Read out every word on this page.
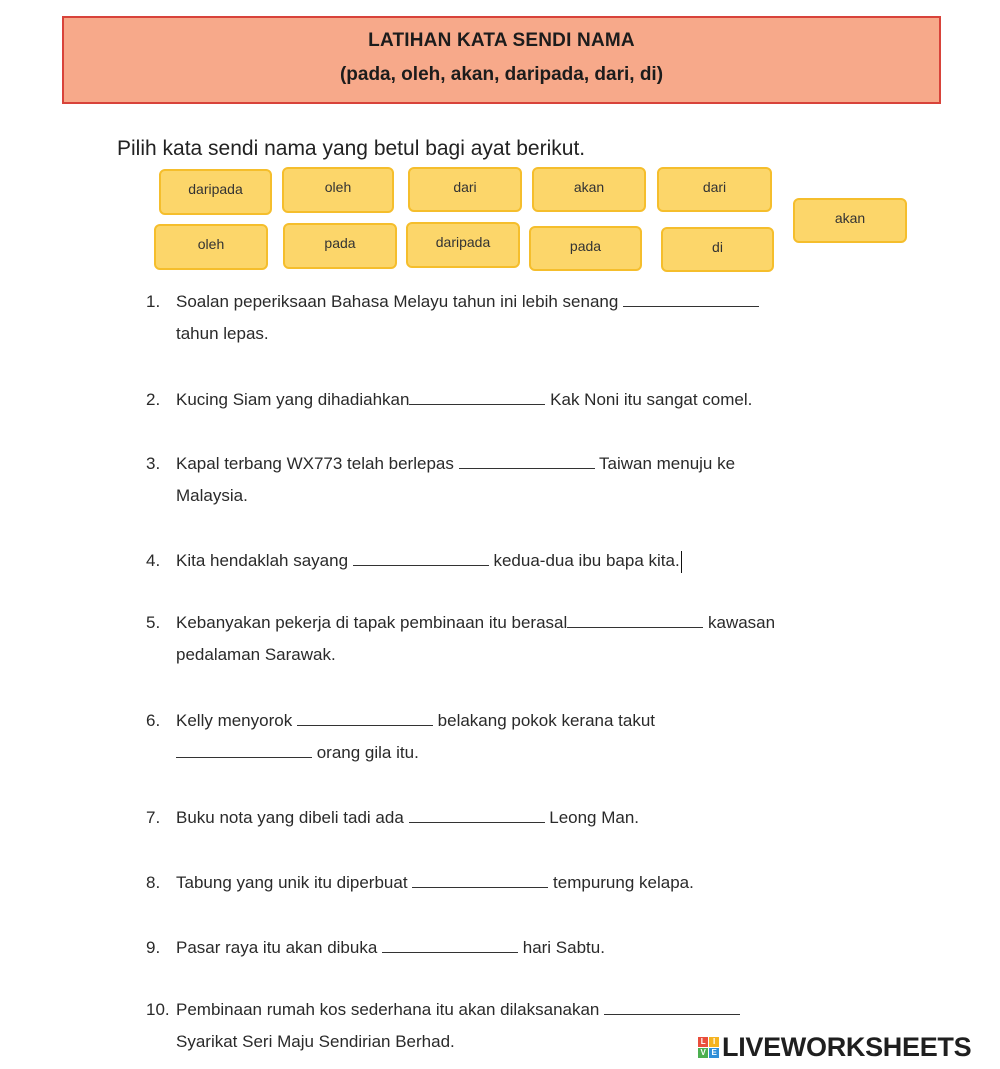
LATIHAN KATA SENDI NAMA
(pada, oleh, akan, daripada, dari, di)
Pilih kata sendi nama yang betul bagi ayat berikut.
daripada	oleh	dari	akan	dari
akan
oleh	pada	daripada	pada	di
1. Soalan peperiksaan Bahasa Melayu tahun ini lebih senang
tahun lepas.
2. Kucing Siam yang dihadiahkan	Kak Noni itu sangat comel.
3. Kapal terbang WX773 telah berlepas	Taiwan menuju ke
Malaysia.
4. Kita hendaklah sayang	kedua-dua ibu bapa kita.
5. Kebanyakan pekerja di tapak pembinaan itu berasal	kawasan
pedalaman Sarawak.
6. Kelly menyorok	belakang pokok kerana takut
orang gila itu.
7. Buku nota yang dibeli tadi ada	Leong Man.
8. Tabung yang unik itu diperbuat	tempurung kelapa.
9. Pasar raya itu akan dibuka	hari Sabtu.
10. Pembinaan rumah kos sederhana itu akan dilaksanakan
Syarikat Seri Maju Sendirian Berhad.	L I
V E LIVEWORKSHEETS
